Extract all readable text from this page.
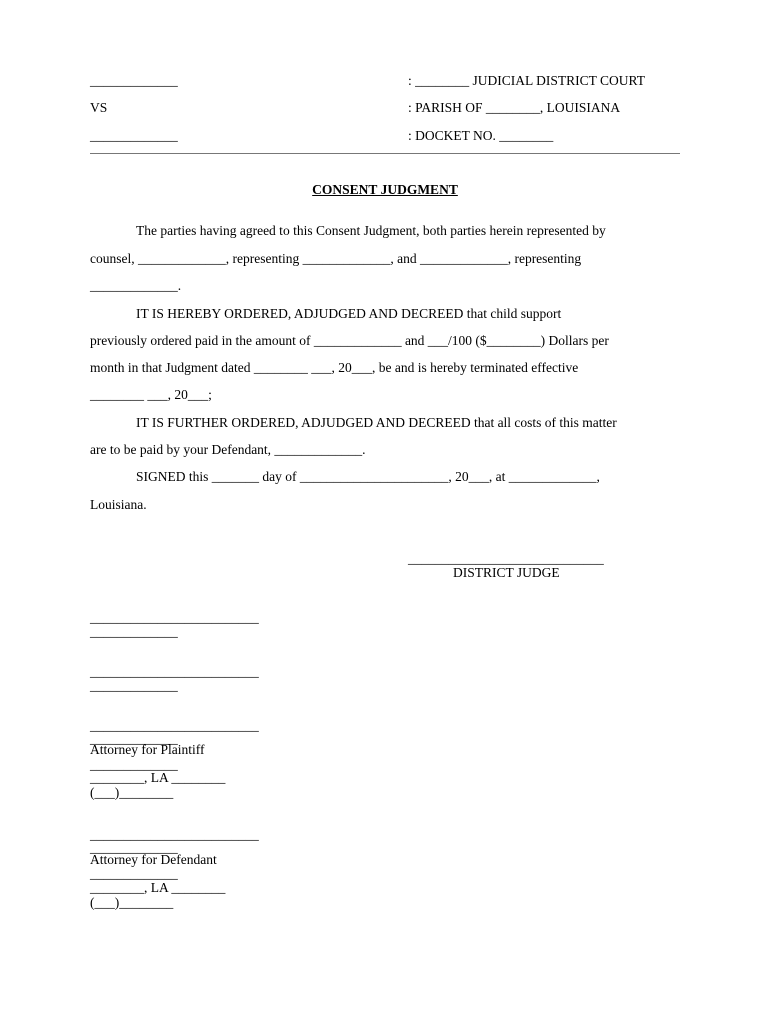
_____________	: ________ JUDICIAL DISTRICT COURT
VS	: PARISH OF ________, LOUISIANA
_____________	: DOCKET NO. ________
CONSENT JUDGMENT
The parties having agreed to this Consent Judgment, both parties herein represented by
counsel, _____________, representing _____________, and _____________, representing
_____________.
IT IS HEREBY ORDERED, ADJUDGED AND DECREED that child support
previously ordered paid in the amount of _____________ and ___/100 ($________) Dollars per
month in that Judgment dated ________ ___, 20___, be and is hereby terminated effective
________ ___, 20___;
IT IS FURTHER ORDERED, ADJUDGED AND DECREED that all costs of this matter
are to be paid by your Defendant, _____________.
SIGNED this _______ day of ______________________, 20___, at _____________,
Louisiana.
_____________________________
DISTRICT JUDGE
_________________________
_____________
_________________________
_____________
_________________________
_____________
Attorney for Plaintiff
_____________
________, LA ________
(___)________
_________________________
_____________
Attorney for Defendant
_____________
________, LA ________
(___)________
